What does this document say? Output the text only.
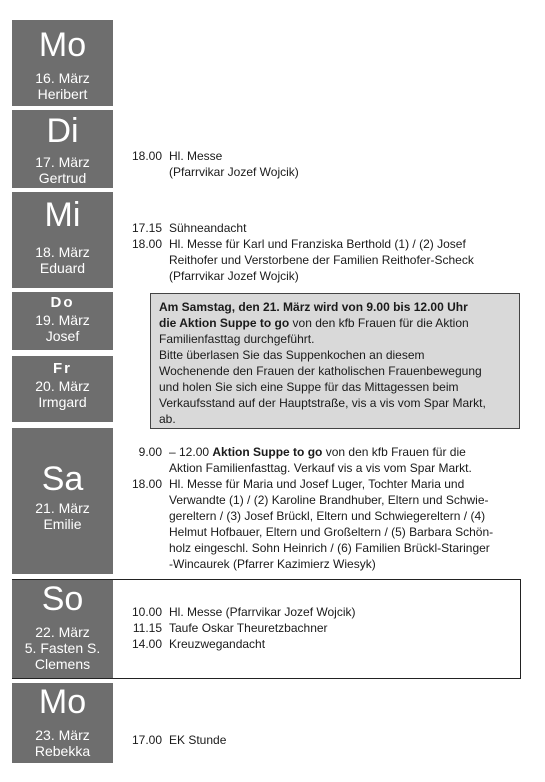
Mo
16. März
Heribert
Di
17. März
Gertrud
Mi
18. März
Eduard
Do
19. März
Josef
Fr
20. März
Irmgard
Sa
21. März
Emilie
So
22. März
5. Fasten S.
Clemens
Mo
23. März
Rebekka
18.00 Hl. Messe
(Pfarrvikar Jozef Wojcik)
17.15 Sühneandacht
18.00 Hl. Messe für Karl und Franziska Berthold (1) / (2) Josef
Reithofer und Verstorbene der Familien Reithofer-Scheck
(Pfarrvikar Jozef Wojcik)
Am Samstag, den 21. März wird von 9.00 bis 12.00 Uhr
die Aktion Suppe to go von den kfb Frauen für die Aktion
Familienfasttag durchgeführt.
Bitte überlasen Sie das Suppenkochen an diesem
Wochenende den Frauen der katholischen Frauenbewegung
und holen Sie sich eine Suppe für das Mittagessen beim
Verkaufsstand auf der Hauptstraße, vis a vis vom Spar Markt,
ab.
9.00 – 12.00 Aktion Suppe to go von den kfb Frauen für die
Aktion Familienfasttag. Verkauf vis a vis vom Spar Markt.
18.00 Hl. Messe für Maria und Josef Luger, Tochter Maria und
Verwandte (1) / (2) Karoline Brandhuber, Eltern und Schwie-
gereltern / (3) Josef Brückl, Eltern und Schwiegereltern / (4)
Helmut Hofbauer, Eltern und Großeltern / (5) Barbara Schön-
holz eingeschl. Sohn Heinrich / (6) Familien Brückl-Staringer
-Wincaurek (Pfarrer Kazimierz Wiesyk)
10.00 Hl. Messe (Pfarrvikar Jozef Wojcik)
11.15 Taufe Oskar Theuretzbachner
14.00 Kreuzwegandacht
17.00 EK Stunde
